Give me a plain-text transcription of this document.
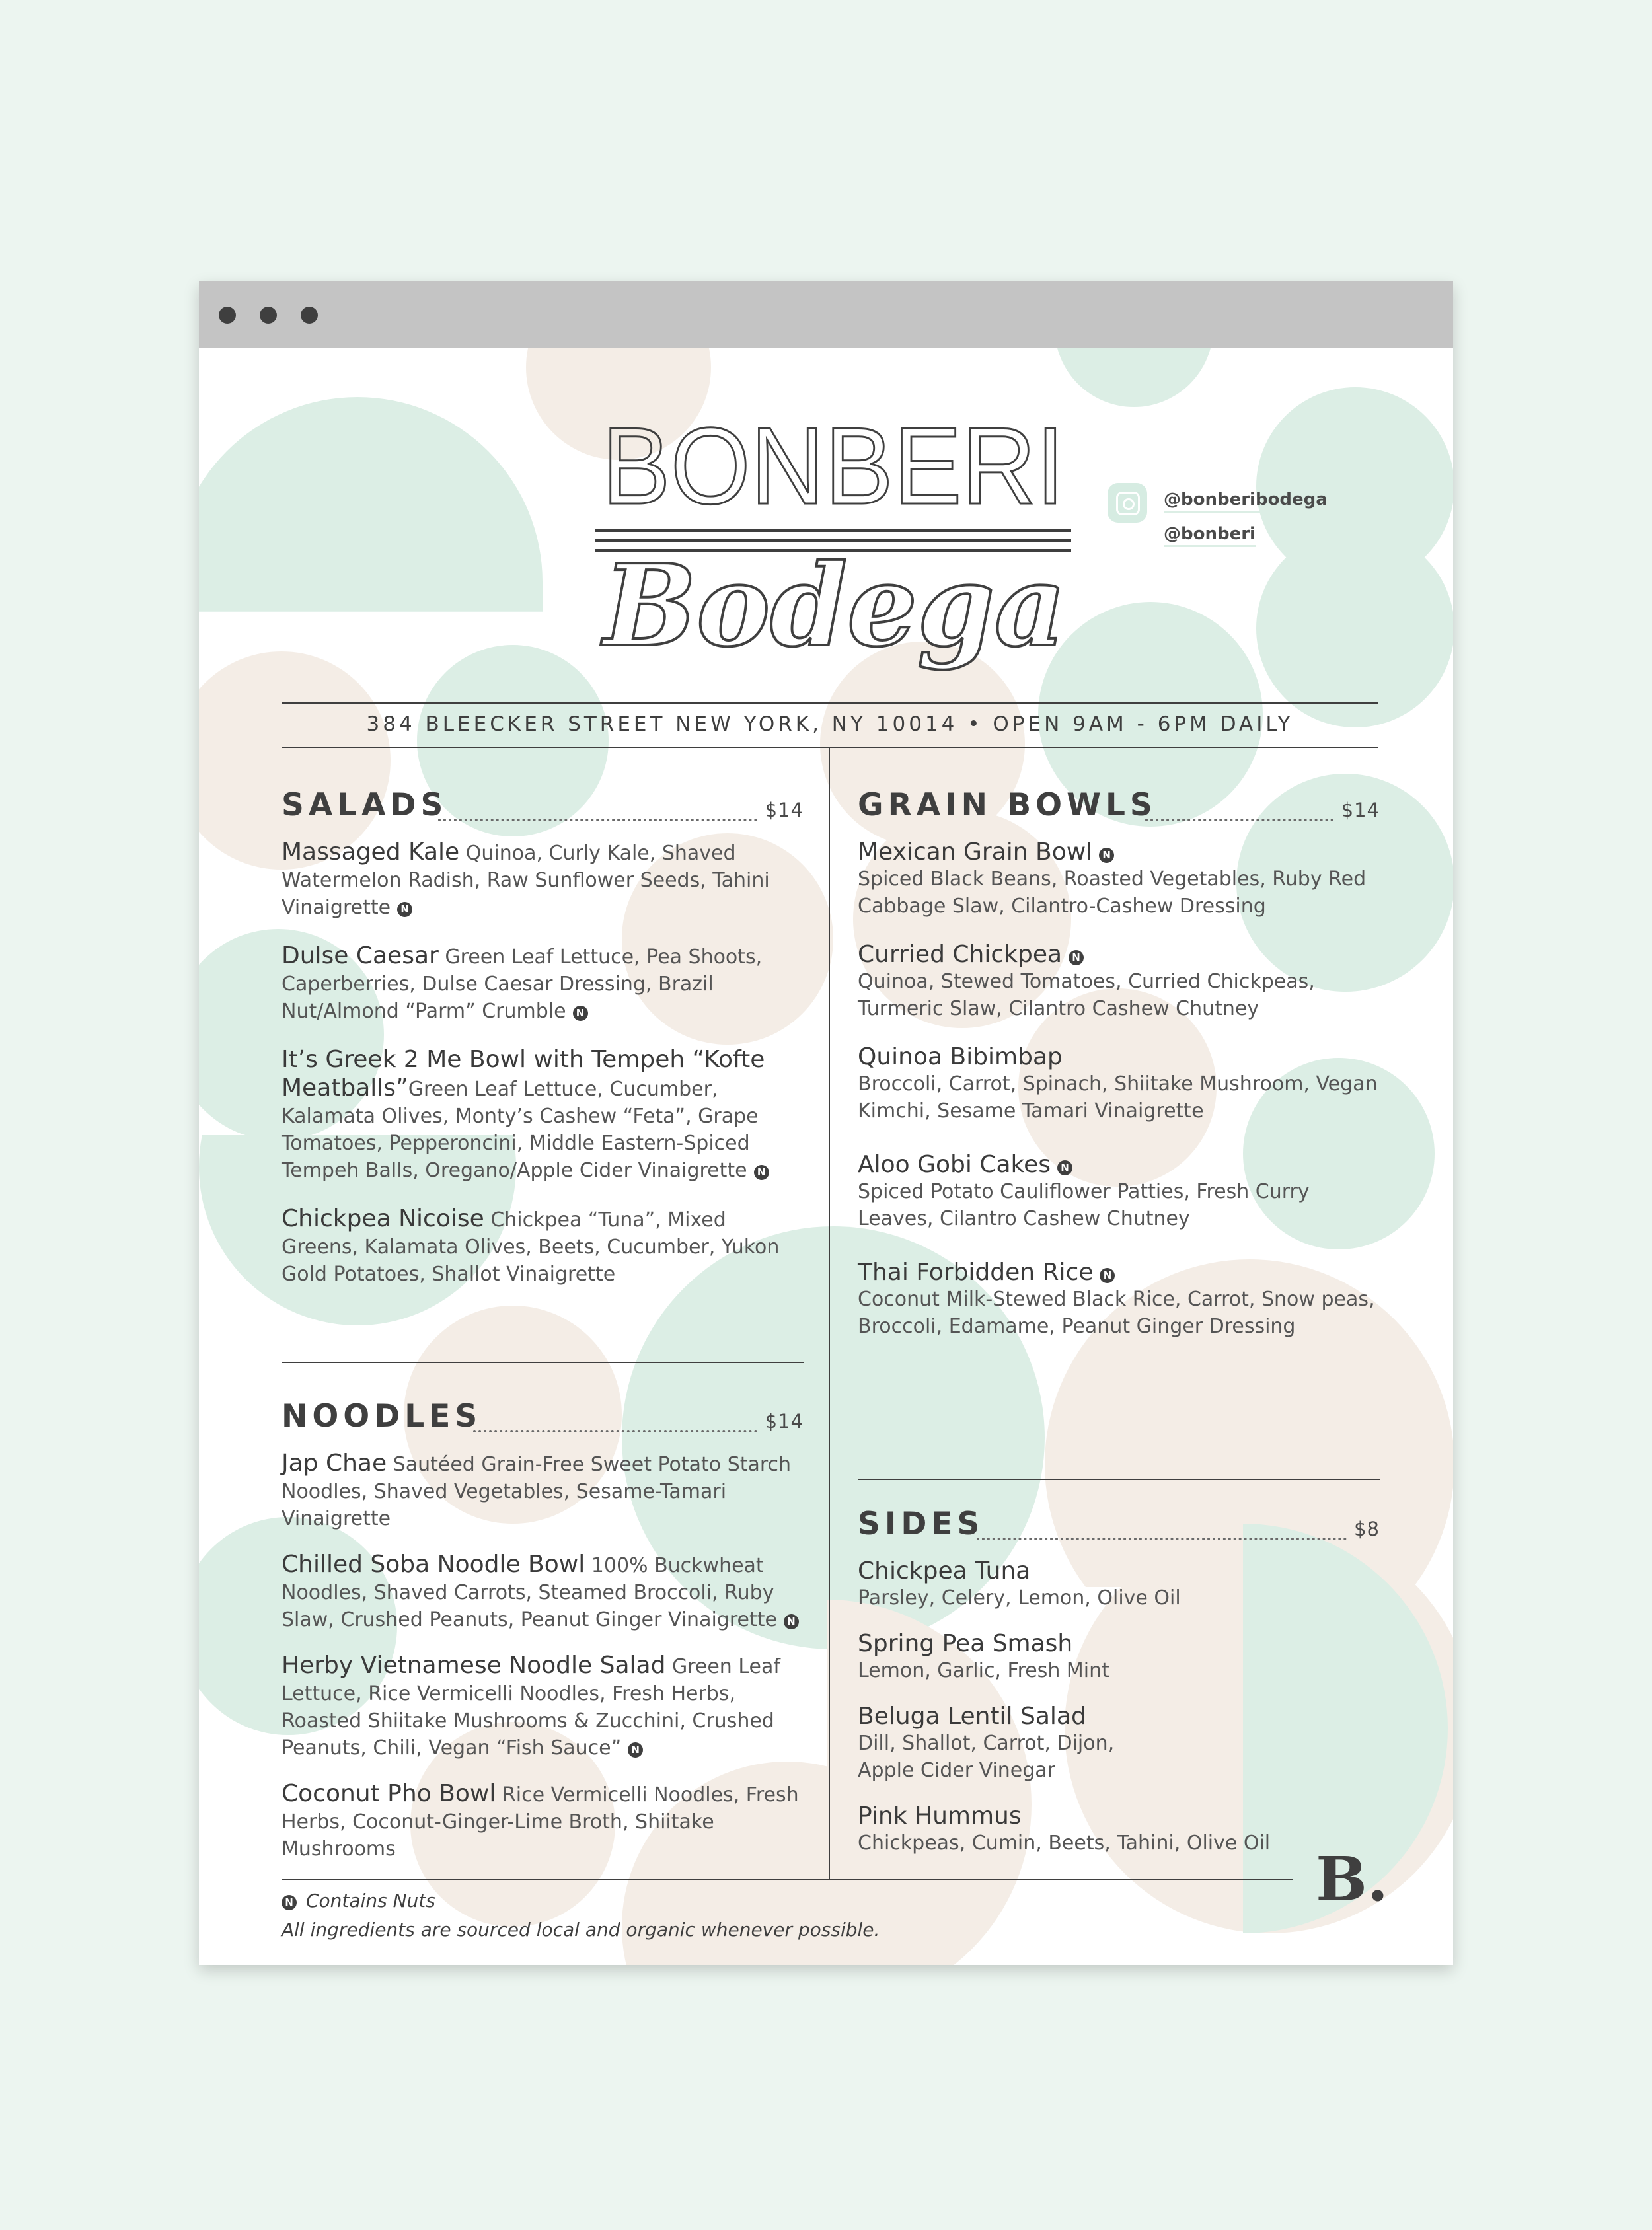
BONBERI
Bodega
@bonberibodega
@bonberi
384 BLEECKER STREET NEW YORK, NY 10014 • OPEN 9AM - 6PM DAILY
SALADS	$14
Massaged Kale Quinoa, Curly Kale, Shaved Watermelon Radish, Raw Sunflower Seeds, Tahini Vinaigrette N
Dulse Caesar Green Leaf Lettuce, Pea Shoots, Caperberries, Dulse Caesar Dressing, Brazil Nut/Almond “Parm” Crumble N
It’s Greek 2 Me Bowl with Tempeh “Kofte Meatballs”Green Leaf Lettuce, Cucumber, Kalamata Olives, Monty’s Cashew “Feta”, Grape Tomatoes, Pepperoncini, Middle Eastern-Spiced Tempeh Balls, Oregano/Apple Cider Vinaigrette N
Chickpea Nicoise Chickpea “Tuna”, Mixed Greens, Kalamata Olives, Beets, Cucumber, Yukon Gold Potatoes, Shallot Vinaigrette
NOODLES	$14
Jap Chae Sautéed Grain-Free Sweet Potato Starch Noodles, Shaved Vegetables, Sesame-Tamari Vinaigrette
Chilled Soba Noodle Bowl 100% Buckwheat Noodles, Shaved Carrots, Steamed Broccoli, Ruby Slaw, Crushed Peanuts, Peanut Ginger Vinaigrette N
Herby Vietnamese Noodle Salad Green Leaf Lettuce, Rice Vermicelli Noodles, Fresh Herbs, Roasted Shiitake Mushrooms & Zucchini, Crushed Peanuts, Chili, Vegan “Fish Sauce” N
Coconut Pho Bowl Rice Vermicelli Noodles, Fresh Herbs, Coconut-Ginger-Lime Broth, Shiitake Mushrooms
GRAIN BOWLS	$14
Mexican Grain Bowl N
Spiced Black Beans, Roasted Vegetables, Ruby Red Cabbage Slaw, Cilantro-Cashew Dressing
Curried Chickpea N
Quinoa, Stewed Tomatoes, Curried Chickpeas, Turmeric Slaw, Cilantro Cashew Chutney
Quinoa Bibimbap
Broccoli, Carrot, Spinach, Shiitake Mushroom, Vegan Kimchi, Sesame Tamari Vinaigrette
Aloo Gobi Cakes N
Spiced Potato Cauliflower Patties, Fresh Curry Leaves, Cilantro Cashew Chutney
Thai Forbidden Rice N
Coconut Milk-Stewed Black Rice, Carrot, Snow peas, Broccoli, Edamame, Peanut Ginger Dressing
SIDES	$8
Chickpea Tuna
Parsley, Celery, Lemon, Olive Oil
Spring Pea Smash
Lemon, Garlic, Fresh Mint
Beluga Lentil Salad
Dill, Shallot, Carrot, Dijon, Apple Cider Vinegar
Pink Hummus
Chickpeas, Cumin, Beets, Tahini, Olive Oil
B.
N Contains Nuts
All ingredients are sourced local and organic whenever possible.
